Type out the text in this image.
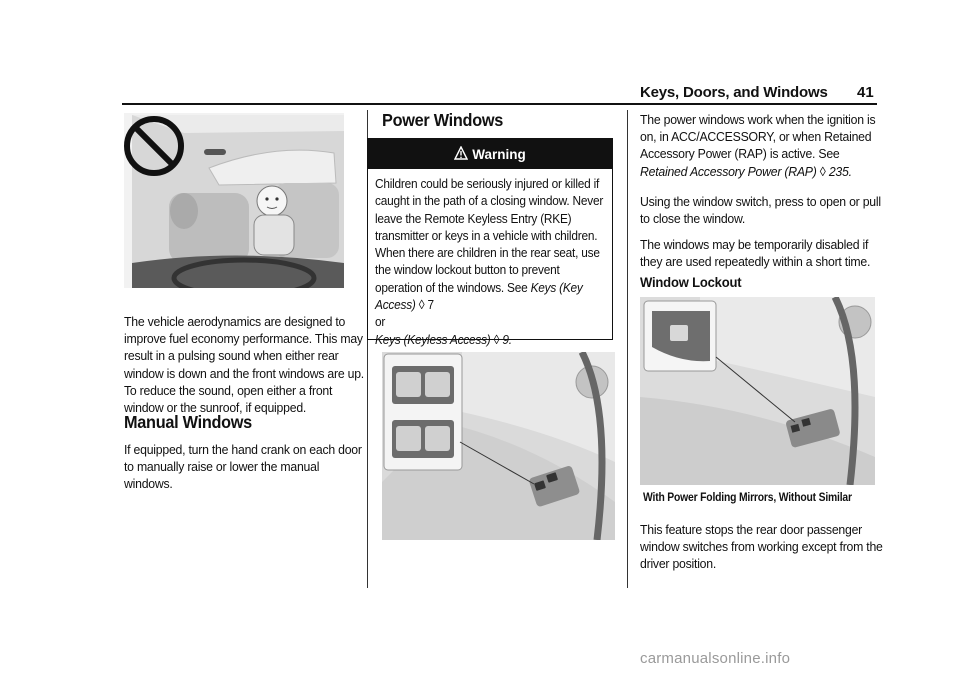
Keys, Doors, and Windows 41
The vehicle aerodynamics are designed to improve fuel economy performance. This may result in a pulsing sound when either rear window is down and the front windows are up. To reduce the sound, open either a front window or the sunroof, if equipped.
Manual Windows
If equipped, turn the hand crank on each door to manually raise or lower the manual windows.
Power Windows
Warning
Children could be seriously injured or killed if caught in the path of a closing window. Never leave the Remote Keyless Entry (RKE) transmitter or keys in a vehicle with children. When there are children in the rear seat, use the window lockout button to prevent operation of the windows. See Keys (Key Access) ◊ 7
or
Keys (Keyless Access) ◊ 9.
The power windows work when the ignition is on, in ACC/ACCESSORY, or when Retained Accessory Power (RAP) is active. See Retained Accessory Power (RAP) ◊ 235.
Using the window switch, press to open or pull to close the window.
The windows may be temporarily disabled if they are used repeatedly within a short time.
Window Lockout
With Power Folding Mirrors, Without Similar
This feature stops the rear door passenger window switches from working except from the driver position.
carmanualsonline.info
